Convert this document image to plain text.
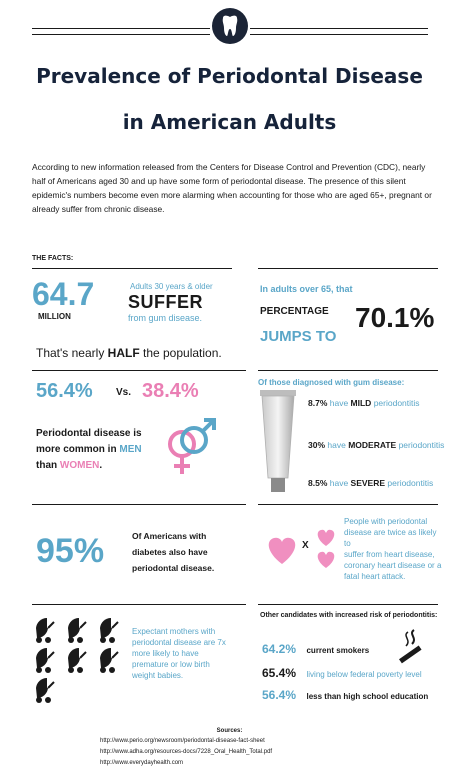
Prevalence of Periodontal Disease
in American Adults
According to new information released from the Centers for Disease Control and Prevention (CDC), nearly half of Americans aged 30 and up have some form of periodontal disease. The presence of this silent epidemic's numbers become even more alarming when accounting for those who are aged 65+, pregnant or already suffer from chronic disease.
THE FACTS:
64.7
MILLION
Adults 30 years & older
SUFFER
from gum disease.
That's nearly HALF the population.
In adults over 65, that
PERCENTAGE
JUMPS TO
70.1%
56.4% Vs. 38.4%
Periodontal disease is
more common in MEN
than WOMEN.
Of those diagnosed with gum disease:
8.7% have MILD periodontitis
30% have MODERATE periodontitis
8.5% have SEVERE periodontitis
95%	Of Americans with
diabetes also have
periodontal disease.
X
People with periodontal
disease are twice as likely to
suffer from heart disease,
coronary heart disease or a
fatal heart attack.
Expectant mothers with
periodontal disease are 7x
more likely to have
premature or low birth
weight babies.
Other candidates with increased risk of periodontitis:
64.2% current smokers
65.4% living below federal poverty level
56.4% less than high school education
Sources:
http://www.perio.org/newsroom/periodontal-disease-fact-sheet
http://www.adha.org/resources-docs/7228_Oral_Health_Total.pdf
http://www.everydayhealth.com
